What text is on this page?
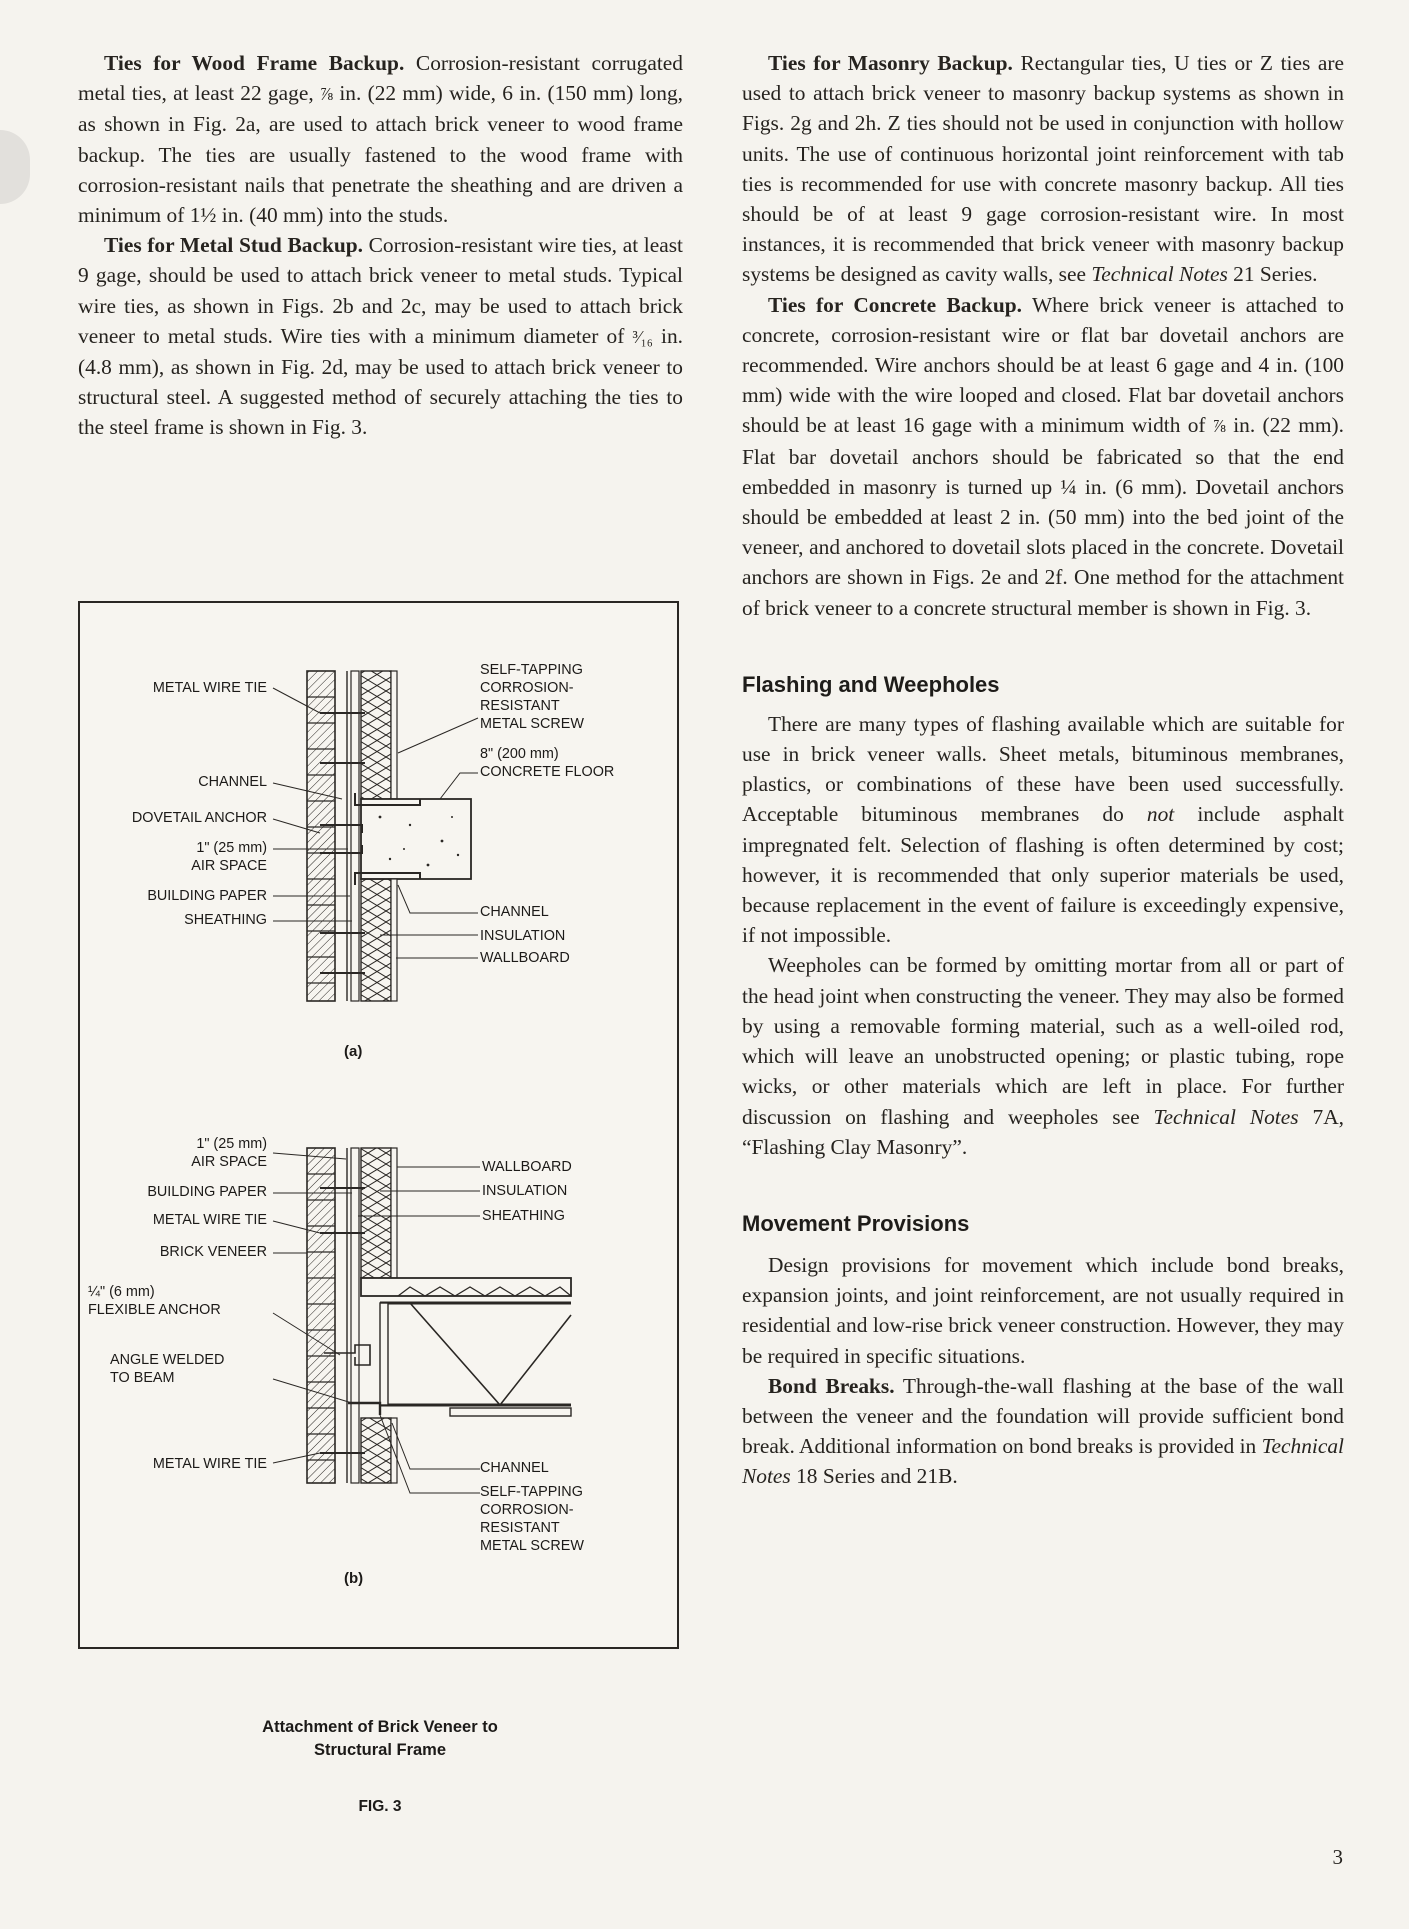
Ties for Wood Frame Backup. Corrosion-resistant corrugated metal ties, at least 22 gage, ⅞ in. (22 mm) wide, 6 in. (150 mm) long, as shown in Fig. 2a, are used to attach brick veneer to wood frame backup. The ties are usually fastened to the wood frame with corrosion-resistant nails that penetrate the sheathing and are driven a minimum of 1½ in. (40 mm) into the studs.

Ties for Metal Stud Backup. Corrosion-resistant wire ties, at least 9 gage, should be used to attach brick veneer to metal studs. Typical wire ties, as shown in Figs. 2b and 2c, may be used to attach brick veneer to metal studs. Wire ties with a minimum diameter of ³⁄₁₆ in. (4.8 mm), as shown in Fig. 2d, may be used to attach brick veneer to structural steel. A suggested method of securely attaching the ties to the steel frame is shown in Fig. 3.

METAL WIRE TIE
CHANNEL
DOVETAIL ANCHOR
1" (25 mm)
AIR SPACE
BUILDING PAPER
SHEATHING
SELF-TAPPING
CORROSION-
RESISTANT
METAL SCREW
8" (200 mm)
CONCRETE FLOOR
CHANNEL
INSULATION
WALLBOARD
(a)
1" (25 mm)
AIR SPACE
BUILDING PAPER
METAL WIRE TIE
BRICK VENEER
¼" (6 mm)
FLEXIBLE ANCHOR
ANGLE WELDED
TO BEAM
METAL WIRE TIE
WALLBOARD
INSULATION
SHEATHING
CHANNEL
SELF-TAPPING
CORROSION-
RESISTANT
METAL SCREW
(b)
Attachment of Brick Veneer to
Structural Frame
FIG. 3

Ties for Masonry Backup. Rectangular ties, U ties or Z ties are used to attach brick veneer to masonry backup systems as shown in Figs. 2g and 2h. Z ties should not be used in conjunction with hollow units. The use of continuous horizontal joint reinforcement with tab ties is recommended for use with concrete masonry backup. All ties should be of at least 9 gage corrosion-resistant wire. In most instances, it is recommended that brick veneer with masonry backup systems be designed as cavity walls, see Technical Notes 21 Series.

Ties for Concrete Backup. Where brick veneer is attached to concrete, corrosion-resistant wire or flat bar dovetail anchors are recommended. Wire anchors should be at least 6 gage and 4 in. (100 mm) wide with the wire looped and closed. Flat bar dovetail anchors should be at least 16 gage with a minimum width of ⅞ in. (22 mm). Flat bar dovetail anchors should be fabricated so that the end embedded in masonry is turned up ¼ in. (6 mm). Dovetail anchors should be embedded at least 2 in. (50 mm) into the bed joint of the veneer, and anchored to dovetail slots placed in the concrete. Dovetail anchors are shown in Figs. 2e and 2f. One method for the attachment of brick veneer to a concrete structural member is shown in Fig. 3.

Flashing and Weepholes

There are many types of flashing available which are suitable for use in brick veneer walls. Sheet metals, bituminous membranes, plastics, or combinations of these have been used successfully. Acceptable bituminous membranes do not include asphalt impregnated felt. Selection of flashing is often determined by cost; however, it is recommended that only superior materials be used, because replacement in the event of failure is exceedingly expensive, if not impossible.

Weepholes can be formed by omitting mortar from all or part of the head joint when constructing the veneer. They may also be formed by using a removable forming material, such as a well-oiled rod, which will leave an unobstructed opening; or plastic tubing, rope wicks, or other materials which are left in place. For further discussion on flashing and weepholes see Technical Notes 7A, “Flashing Clay Masonry”.

Movement Provisions

Design provisions for movement which include bond breaks, expansion joints, and joint reinforcement, are not usually required in residential and low-rise brick veneer construction. However, they may be required in specific situations.

Bond Breaks. Through-the-wall flashing at the base of the wall between the veneer and the foundation will provide sufficient bond break. Additional information on bond breaks is provided in Technical Notes 18 Series and 21B.

3
